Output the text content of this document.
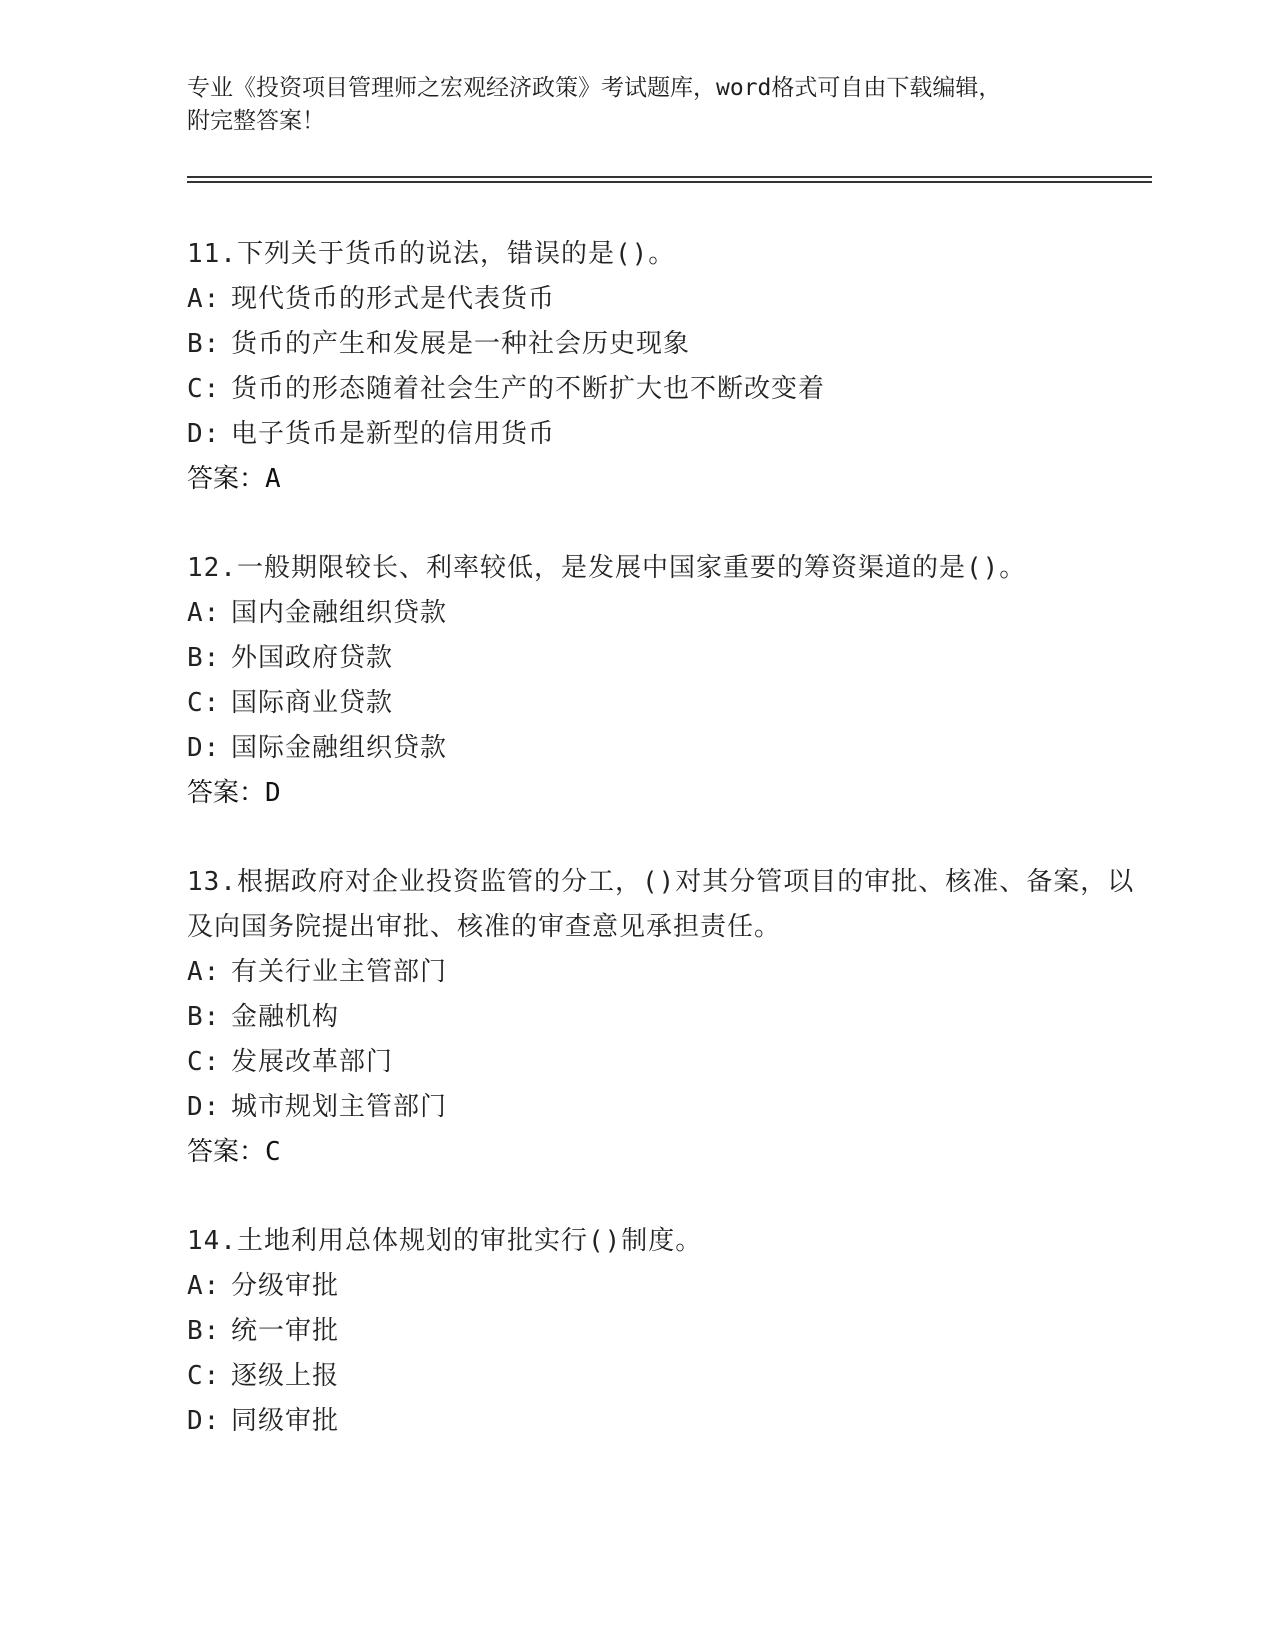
专业《投资项目管理师之宏观经济政策》考试题库，word格式可自由下载编辑，
附完整答案！
11.下列关于货币的说法，错误的是()。
A: 现代货币的形式是代表货币
B: 货币的产生和发展是一种社会历史现象
C: 货币的形态随着社会生产的不断扩大也不断改变着
D: 电子货币是新型的信用货币
答案：A
12.一般期限较长、利率较低，是发展中国家重要的筹资渠道的是()。
A: 国内金融组织贷款
B: 外国政府贷款
C: 国际商业贷款
D: 国际金融组织贷款
答案：D
13.根据政府对企业投资监管的分工，()对其分管项目的审批、核准、备案，以及向国务院提出审批、核准的审查意见承担责任。
A: 有关行业主管部门
B: 金融机构
C: 发展改革部门
D: 城市规划主管部门
答案：C
14.土地利用总体规划的审批实行()制度。
A: 分级审批
B: 统一审批
C: 逐级上报
D: 同级审批
